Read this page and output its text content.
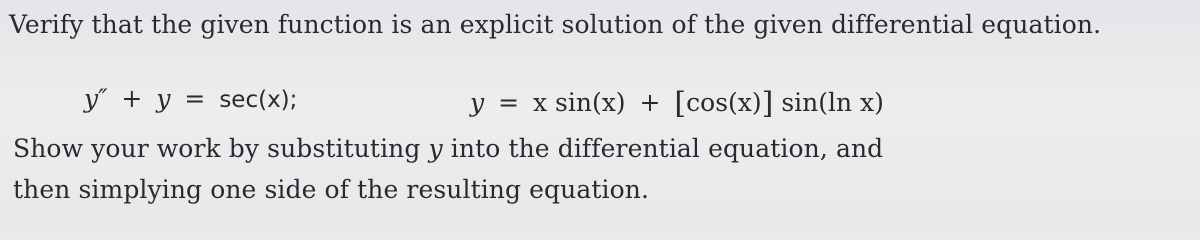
Verify that the given function is an explicit solution of the given differential equation.
y″ + y = sec(x);	y = x sin(x) + [cos(x)] sin(ln x)
Show your work by substituting y into the differential equation, and
then simplying one side of the resulting equation.
